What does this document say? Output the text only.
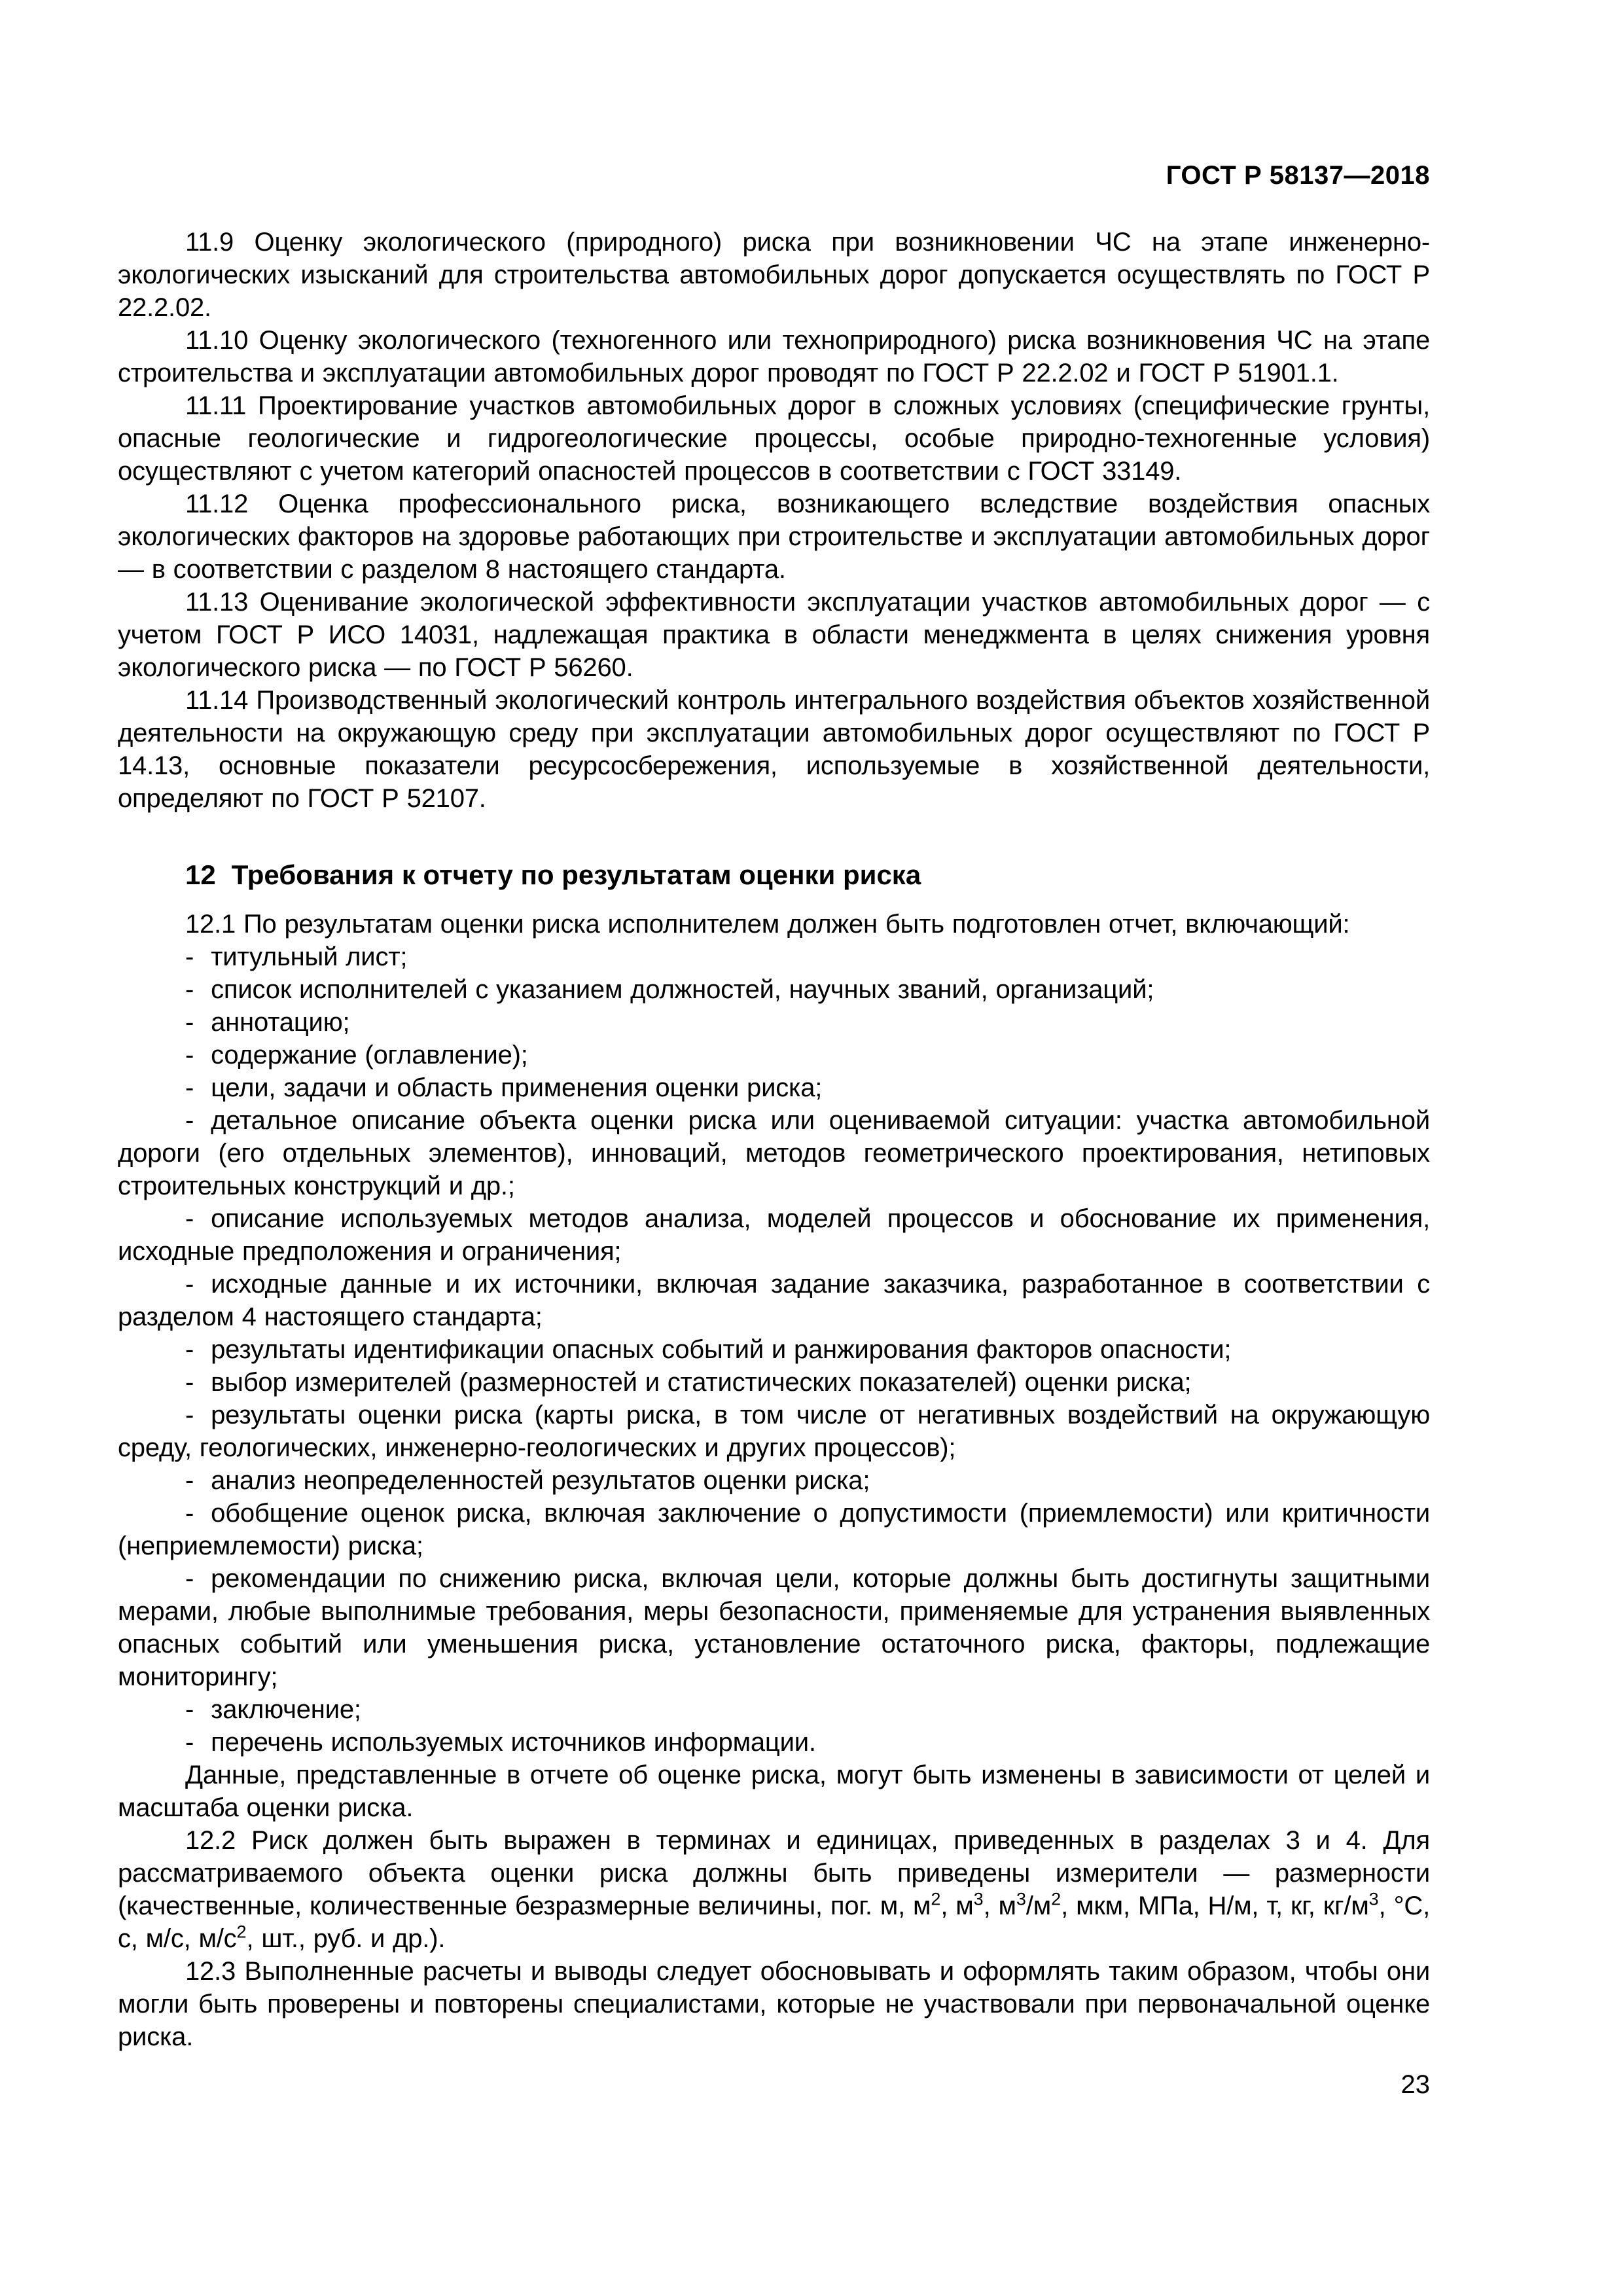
ГОСТ Р 58137—2018

11.9 Оценку экологического (природного) риска при возникновении ЧС на этапе инженерно-экологических изысканий для строительства автомобильных дорог допускается осуществлять по ГОСТ Р 22.2.02.

11.10 Оценку экологического (техногенного или техноприродного) риска возникновения ЧС на этапе строительства и эксплуатации автомобильных дорог проводят по ГОСТ Р 22.2.02 и ГОСТ Р 51901.1.

11.11 Проектирование участков автомобильных дорог в сложных условиях (специфические грунты, опасные геологические и гидрогеологические процессы, особые природно-техногенные условия) осуществляют с учетом категорий опасностей процессов в соответствии с ГОСТ 33149.

11.12 Оценка профессионального риска, возникающего вследствие воздействия опасных экологических факторов на здоровье работающих при строительстве и эксплуатации автомобильных дорог — в соответствии с разделом 8 настоящего стандарта.

11.13 Оценивание экологической эффективности эксплуатации участков автомобильных дорог — с учетом ГОСТ Р ИСО 14031, надлежащая практика в области менеджмента в целях снижения уровня экологического риска — по ГОСТ Р 56260.

11.14 Производственный экологический контроль интегрального воздействия объектов хозяйственной деятельности на окружающую среду при эксплуатации автомобильных дорог осуществляют по ГОСТ Р 14.13, основные показатели ресурсосбережения, используемые в хозяйственной деятельности, определяют по ГОСТ Р 52107.

12 Требования к отчету по результатам оценки риска

12.1 По результатам оценки риска исполнителем должен быть подготовлен отчет, включающий:

- титульный лист;

- список исполнителей с указанием должностей, научных званий, организаций;

- аннотацию;

- содержание (оглавление);

- цели, задачи и область применения оценки риска;

- детальное описание объекта оценки риска или оцениваемой ситуации: участка автомобильной дороги (его отдельных элементов), инноваций, методов геометрического проектирования, нетиповых строительных конструкций и др.;

- описание используемых методов анализа, моделей процессов и обоснование их применения, исходные предположения и ограничения;

- исходные данные и их источники, включая задание заказчика, разработанное в соответствии с разделом 4 настоящего стандарта;

- результаты идентификации опасных событий и ранжирования факторов опасности;

- выбор измерителей (размерностей и статистических показателей) оценки риска;

- результаты оценки риска (карты риска, в том числе от негативных воздействий на окружающую среду, геологических, инженерно-геологических и других процессов);

- анализ неопределенностей результатов оценки риска;

- обобщение оценок риска, включая заключение о допустимости (приемлемости) или критичности (неприемлемости) риска;

- рекомендации по снижению риска, включая цели, которые должны быть достигнуты защитными мерами, любые выполнимые требования, меры безопасности, применяемые для устранения выявленных опасных событий или уменьшения риска, установление остаточного риска, факторы, подлежащие мониторингу;

- заключение;

- перечень используемых источников информации.

Данные, представленные в отчете об оценке риска, могут быть изменены в зависимости от целей и масштаба оценки риска.

12.2 Риск должен быть выражен в терминах и единицах, приведенных в разделах 3 и 4. Для рассматриваемого объекта оценки риска должны быть приведены измерители — размерности (качественные, количественные безразмерные величины, пог. м, $м^2$, $м^3$, $м^3/м^2$, мкм, МПа, Н/м, т, кг, $кг/м^3$, °С, с, м/с, $м/с^2$, шт., руб. и др.).

12.3 Выполненные расчеты и выводы следует обосновывать и оформлять таким образом, чтобы они могли быть проверены и повторены специалистами, которые не участвовали при первоначальной оценке риска.

23
